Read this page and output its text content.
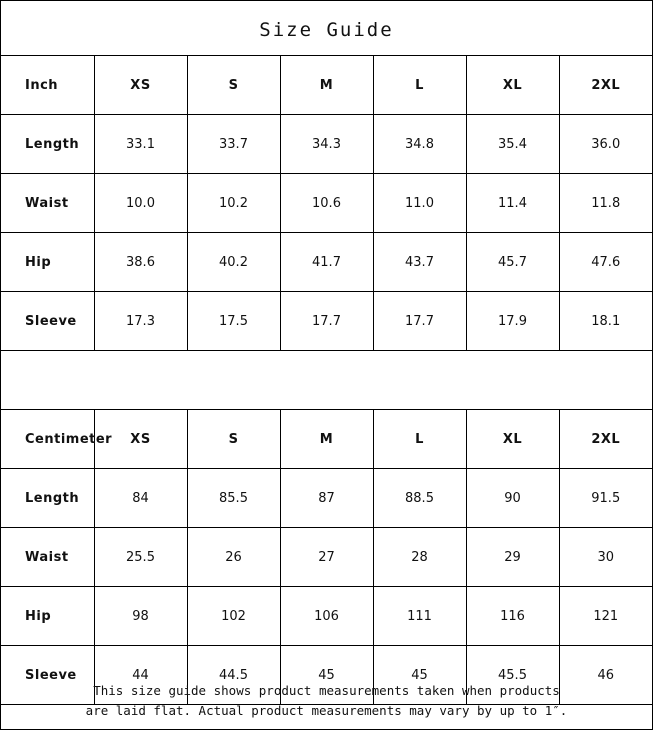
Size Guide
Inch	XS	S	M	L	XL	2XL
Length	33.1	33.7	34.3	34.8	35.4	36.0
Waist	10.0	10.2	10.6	11.0	11.4	11.8
Hip	38.6	40.2	41.7	43.7	45.7	47.6
Sleeve	17.3	17.5	17.7	17.7	17.9	18.1
Centimeter	XS	S	M	L	XL	2XL
Length	84	85.5	87	88.5	90	91.5
Waist	25.5	26	27	28	29	30
Hip	98	102	106	111	116	121
Sleeve	44	44.5	45	45	45.5	46
This size guide shows product measurements taken when products
are laid flat. Actual product measurements may vary by up to 1″.
